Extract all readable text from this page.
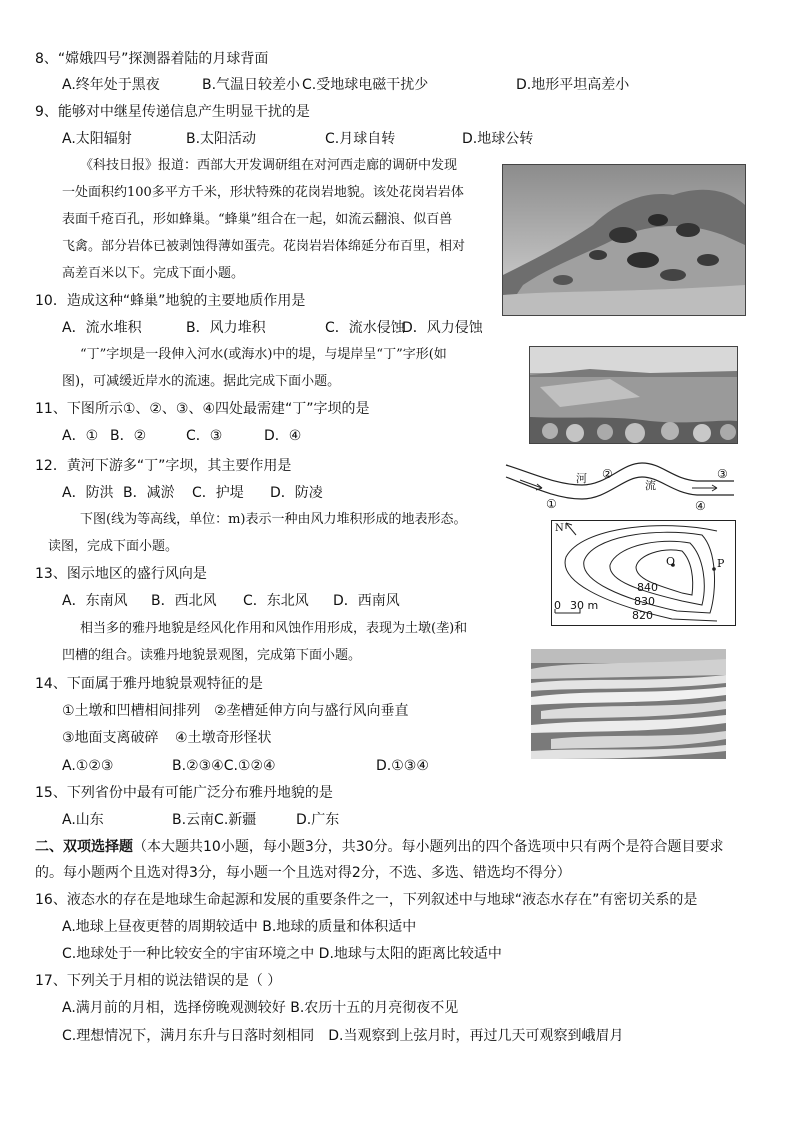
8、“嫦娥四号”探测器着陆的月球背面
A.终年处于黑夜	B.气温日较差小 C.受地球电磁干扰少	D.地形平坦高差小
9、能够对中继星传递信息产生明显干扰的是
A.太阳辐射	B.太阳活动	C.月球自转	D.地球公转
《科技日报》报道：西部大开发调研组在对河西走廊的调研中发现
一处面积约100多平方千米，形状特殊的花岗岩地貌。该处花岗岩岩体
表面千疮百孔，形如蜂巢。“蜂巢”组合在一起，如流云翻浪、似百兽
飞禽。部分岩体已被剥蚀得薄如蛋壳。花岗岩岩体绵延分布百里，相对
高差百米以下。完成下面小题。
10．造成这种“蜂巢”地貌的主要地质作用是
A．流水堆积	B．风力堆积	C．流水侵蚀
D．风力侵蚀
“丁”字坝是一段伸入河水(或海水)中的堤，与堤岸呈“丁”字形(如
图)，可减缓近岸水的流速。据此完成下面小题。
11、下图所示①、②、③、④四处最需建“丁”字坝的是
A．① B．②	C．③	D．④
①
②	③
④
河
流
12．黄河下游多“丁”字坝，其主要作用是
A．防洪 B．减淤 C．护堤 D．防凌
下图(线为等高线，单位：m)表示一种由风力堆积形成的地表形态。
读图，完成下面小题。
N
Q	P
840
830
820
0 30 m
13、图示地区的盛行风向是
A．东南风 B．西北风 C．东北风 D．西南风
相当多的雅丹地貌是经风化作用和风蚀作用形成，表现为土墩(垄)和
凹槽的组合。读雅丹地貌景观图，完成第下面小题。
14、下面属于雅丹地貌景观特征的是
①土墩和凹槽相间排列 ②垄槽延伸方向与盛行风向垂直
③地面支离破碎 ④土墩奇形怪状
A.①②③	B.②③④C.①②④	D.①③④
15、下列省份中最有可能广泛分布雅丹地貌的是
A.山东	B.云南C.新疆	D.广东
二、双项选择题（本大题共10小题，每小题3分，共30分。每小题列出的四个备选项中只有两个是符合题目要求
的。每小题两个且选对得3分，每小题一个且选对得2分，不选、多选、错选均不得分）
16、液态水的存在是地球生命起源和发展的重要条件之一，下列叙述中与地球“液态水存在”有密切关系的是
A.地球上昼夜更替的周期较适中 B.地球的质量和体积适中
C.地球处于一种比较安全的宇宙环境之中 D.地球与太阳的距离比较适中
17、下列关于月相的说法错误的是（ ）
A.满月前的月相，选择傍晚观测较好 B.农历十五的月亮彻夜不见
C.理想情况下，满月东升与日落时刻相同　D.当观察到上弦月时，再过几天可观察到峨眉月
